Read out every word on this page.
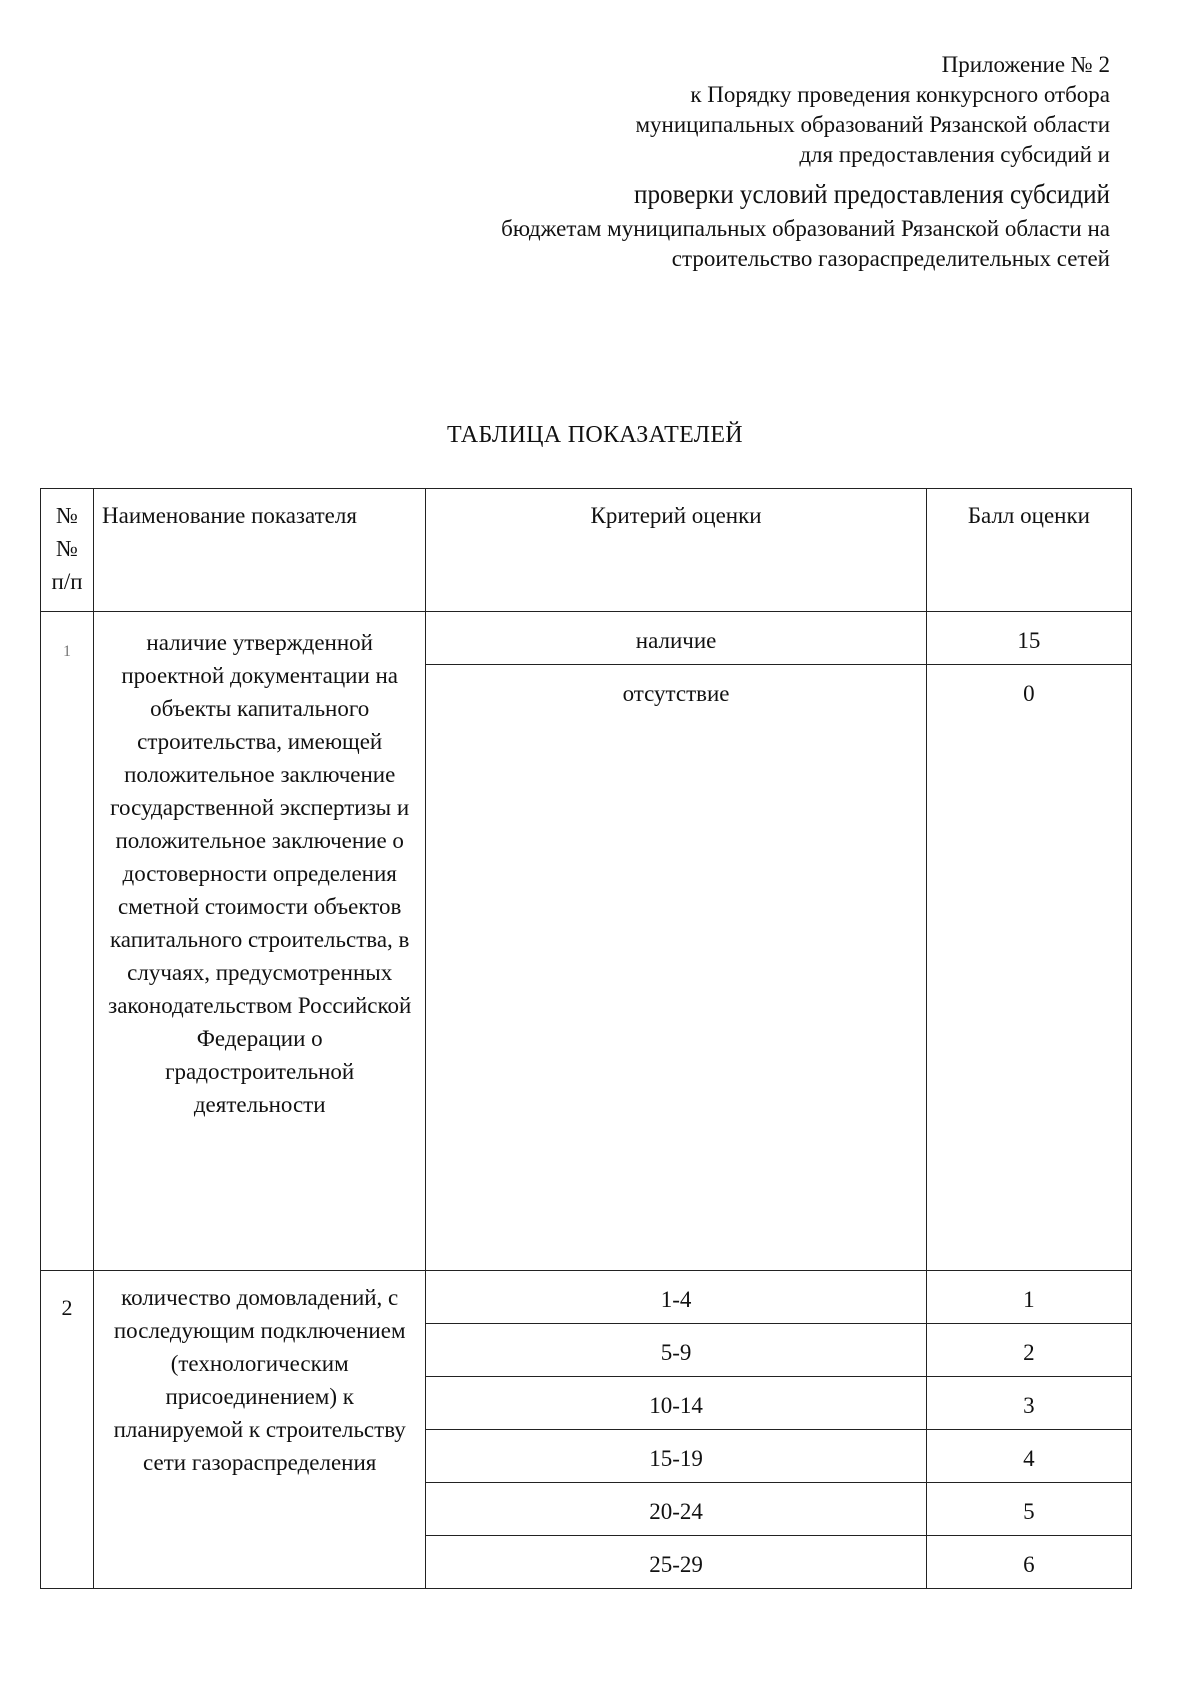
Приложение № 2
к Порядку проведения конкурсного отбора
муниципальных образований Рязанской области
для предоставления субсидий и
проверки условий предоставления субсидий
бюджетам муниципальных образований Рязанской области на
строительство газораспределительных сетей
ТАБЛИЦА ПОКАЗАТЕЛЕЙ
№
№
п/п	Наименование показателя	Критерий оценки	Балл оценки
1	наличие утвержденной проектной документации на объекты капитального строительства, имеющей положительное заключение государственной экспертизы и положительное заключение о достоверности определения сметной стоимости объектов капитального строительства, в случаях, предусмотренных законодательством Российской Федерации о градостроительной деятельности	наличие	15

		отсутствие	0

2	количество домовладений, с последующим подключением (технологическим присоединением) к планируемой к строительству сети газораспределения	1-4	1

		5-9	2

		10-14	3

		15-19	4

		20-24	5

		25-29	6
